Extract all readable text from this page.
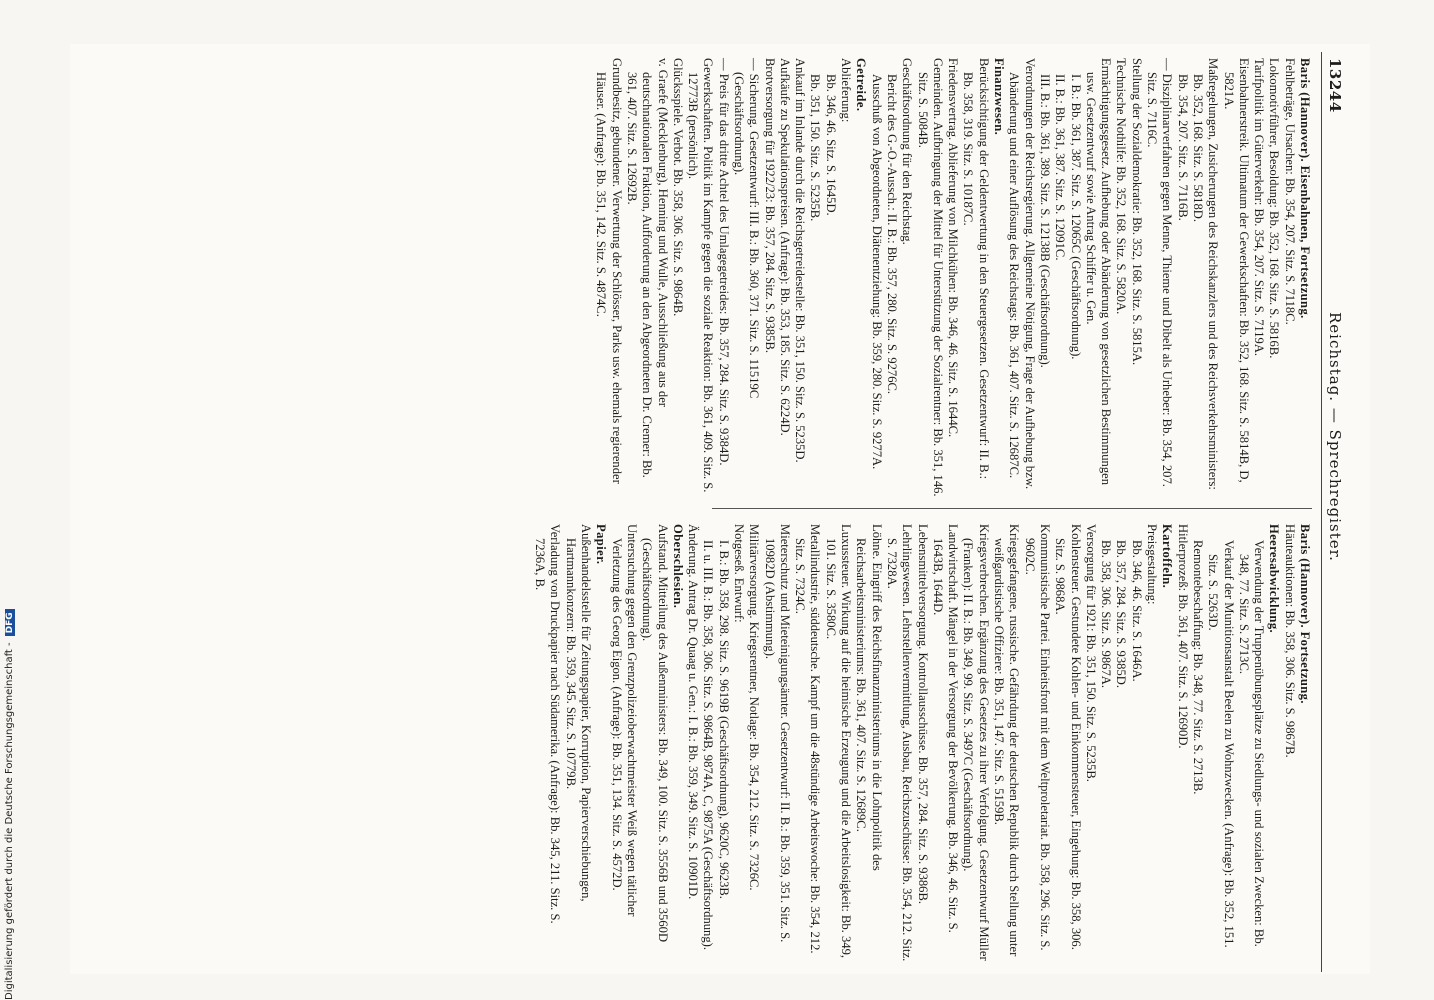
13244
Reichstag. — Sprechregister.

Baris (Hannover). Eisenbahnen, Fortsetzung.

Fehlbeträge, Ursachen: Bb. 354, 207. Sitz. S. 7118C.

Lokomotivführer, Besoldung: Bb. 352, 168. Sitz. S. 5816B.

Tarifpolitik im Güterverkehr: Bb. 354, 207. Sitz. S. 7119A.

Eisenbahnerstreik. Ultimatum der Gewerkschaften: Bb. 352, 168. Sitz. S. 5814B, D, 5821A.

Maßregelungen, Zusicherungen des Reichskanzlers und des Reichsverkehrsministers:

Bb. 352, 168. Sitz. S. 5818D.

Bb. 354, 207. Sitz. S. 7116B.

— Disziplinarverfahren gegen Menne, Thieme und Dibelt als Urheber: Bb. 354, 207. Sitz. S. 7116C.

Stellung der Sozialdemokratie: Bb. 352, 168. Sitz. S. 5815A.

Technische Nothilfe: Bb. 352, 168. Sitz. S. 5820A.

Ermächtigungsgesetz. Aufhebung oder Abänderung von gesetzlichen Bestimmungen usw. Gesetzentwurf sowie Antrag Schiffer u. Gen.

I. B.: Bb. 361, 387. Sitz. S. 12065C (Geschäftsordnung).

II. B.: Bb. 361, 387. Sitz. S. 12091C.

III. B.: Bb. 361, 389. Sitz. S. 12138B (Geschäftsordnung).

Verordnungen der Reichsregierung. Allgemeine Nötigung, Frage der Aufhebung bzw. Abänderung und einer Auflösung des Reichstags: Bb. 361, 407. Sitz. S. 12687C.

Finanzwesen.

Berücksichtigung der Geldentwertung in den Steuergesetzen. Gesetzentwurf: II. B.: Bb. 358, 319. Sitz. S. 10187C.

Friedensvertrag. Ablieferung von Milchkühen: Bb. 346, 46. Sitz. S. 1644C.

Gemeinden. Aufbringung der Mittel für Unterstützung der Sozialrentner: Bb. 351, 146. Sitz. S. 5084B.

Geschäftsordnung für den Reichstag.

Bericht des G.-O.-Aussch.: II. B.: Bb. 357, 280. Sitz. S. 9276C.

Ausschuß von Abgeordneten, Diätenentziehung: Bb. 359, 280. Sitz. S. 9277A.

Getreide.

Ablieferung:

Bb. 346, 46. Sitz. S. 1645D.

Bb. 351, 150. Sitz. S. 5235B.

Ankauf im Inlande durch die Reichsgetreidestelle: Bb. 351, 150. Sitz. S. 5235D.

Aufkäufe zu Spekulationspreisen. (Anfrage): Bb. 353, 185. Sitz. S. 6224D.

Brotversorgung für 1922/23: Bb. 357, 284. Sitz. S. 9385B.

— Sicherung. Gesetzentwurf: III. B.: Bb. 360, 371. Sitz. S. 11519C (Geschäftsordnung).

— Preis für das dritte Achtel des Umlagegetreides: Bb. 357, 284. Sitz. S. 9384D.

Gewerkschaften. Politik im Kampfe gegen die soziale Reaktion: Bb. 361, 409. Sitz. S. 12773B (persönlich).

Glücksspiele. Verbot. Bb. 358, 306. Sitz. S. 9864B.

v. Graefe (Mecklenburg), Henning und Wulle, Ausschließung aus der deutschnationalen Fraktion, Aufforderung an den Abgeordneten Dr. Cremer: Bb. 361, 407. Sitz. S. 12692B.

Grundbesitz, gebundener. Verwertung der Schlösser, Parks usw. ehemals regierender Häuser. (Anfrage): Bb. 351, 142. Sitz. S. 4874C.

Baris (Hannover). Fortsetzung.

Häuteauktionen: Bb. 358, 306. Sitz. S. 9867B.

Heeresabwicklung.

Verwendung der Truppenübungsplätze zu Siedlungs- und sozialen Zwecken: Bb. 348, 77. Sitz. S. 2713C.

Verkauf der Munitionsanstalt Beelen zu Wohnzwecken. (Anfrage): Bb. 352, 151. Sitz. S. 5263D.

Remontebeschaffung: Bb. 348, 77. Sitz. S. 2713B.

Hitlerprozeß: Bb. 361, 407. Sitz. S. 12690D.

Kartoffeln.

Preisgestaltung:

Bb. 346, 46. Sitz. S. 1646A.

Bb. 357, 284. Sitz. S. 9385D.

Bb. 358, 306. Sitz. S. 9867A.

Versorgung für 1921: Bb. 351, 150. Sitz. S. 5235B.

Kohlensteuer. Gestundete Kohlen- und Einkommensteuer, Eingehung: Bb. 358, 306. Sitz. S. 9868A.

Kommunistische Partei. Einheitsfront mit dem Weltproletariat. Bb. 358, 296. Sitz. S. 9602C.

Kriegsgefangene, russische. Gefährdung der deutschen Republik durch Stellung unter weißgardistische Offiziere: Bb. 351, 147. Sitz. S. 5159B.

Kriegsverbrechen. Ergänzung des Gesetzes zu ihrer Verfolgung. Gesetzentwurf Müller (Franken): II. B.: Bb. 349, 99. Sitz. S. 3497C (Geschäftsordnung).

Landwirtschaft. Mängel in der Versorgung der Bevölkerung. Bb. 346, 46. Sitz. S. 1643B, 1644D.

Lebensmittelversorgung. Kontrollausschüsse. Bb. 357, 284. Sitz. S. 9386B.

Lehrlingswesen. Lehrstellenvermittlung, Ausbau, Reichszuschüsse: Bb. 354, 212. Sitz. S. 7328A.

Löhne. Eingriff des Reichsfinanzministeriums in die Lohnpolitik des Reichsarbeitsministeriums: Bb. 361, 407. Sitz. S. 12689C.

Luxussteuer. Wirkung auf die heimische Erzeugung und die Arbeitslosigkeit: Bb. 349, 101. Sitz. S. 3580C.

Metallindustrie, süddeutsche. Kampf um die 48stündige Arbeitswoche: Bb. 354, 212. Sitz. S. 7324C.

Mieterschutz und Mieteinigungsämter. Gesetzentwurf: II. B.: Bb. 359, 351. Sitz. S. 10982D (Abstimmung).

Militärversorgung. Kriegsrentner, Notlage: Bb. 354, 212. Sitz. S. 7326C.

Notgeseß. Entwurf:

I. B.: Bb. 358, 298. Sitz. S. 9619B (Geschäftsordnung), 9620C, 9623B.

II. u. III. B.: Bb. 358, 306. Sitz. S. 9864B, 9874A, C, 9875A (Geschäftsordnung).

Änderung. Antrag Dr. Quaag u. Gen.: I. B.: Bb. 359, 349. Sitz. S. 10901D.

Oberschlesien.

Aufstand. Mitteilung des Außenministers: Bb. 349, 100. Sitz. S. 3556B und 3560D (Geschäftsordnung).

Untersuchung gegen den Grenzpolizeioberwachtmeister Weiß wegen tätlicher Verletzung des Georg Eigon. (Anfrage): Bb. 351, 134. Sitz. S. 4572D.

Papier.

Außenhandelsstelle für Zeitungspapier, Korruption, Papierverschiebungen, Hartmannkonzern: Bb. 359, 345. Sitz. S. 10779B.

Verladung von Druckpapier nach Südamerika. (Anfrage): Bb. 345, 211. Sitz. S. 7236A, B.

Digitalisierung gefördert durch die Deutsche Forschungsgemeinschaft -DFG
